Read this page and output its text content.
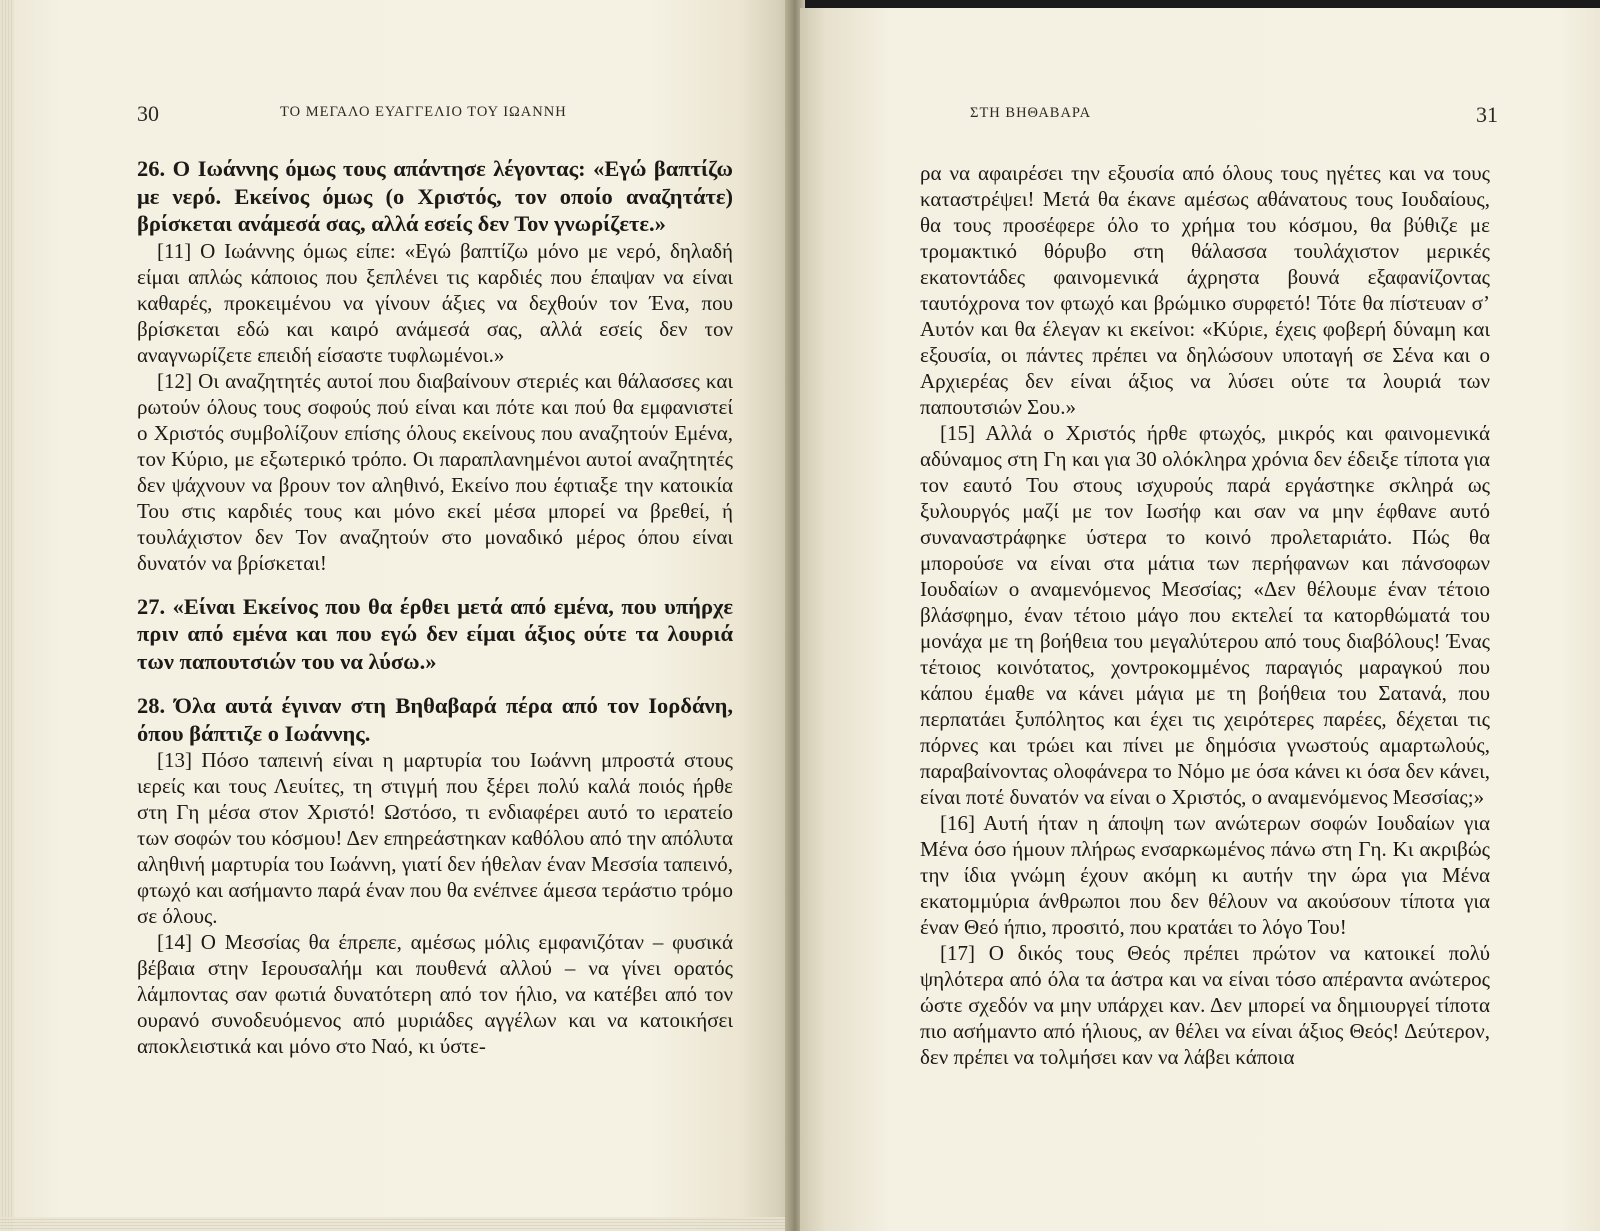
30	ΤΟ ΜΕΓΑΛΟ ΕΥΑΓΓΕΛΙΟ ΤΟΥ ΙΩΑΝΝΗ

26. Ο Ιωάννης όμως τους απάντησε λέγοντας: «Εγώ βαπτίζω με νερό. Εκείνος όμως (ο Χριστός, τον οποίο αναζητάτε) βρίσκεται ανάμεσά σας, αλλά εσείς δεν Τον γνωρίζετε.»

[11] Ο Ιωάννης όμως είπε: «Εγώ βαπτίζω μόνο με νερό, δηλαδή είμαι απλώς κάποιος που ξεπλένει τις καρδιές που έπαψαν να είναι καθαρές, προκειμένου να γίνουν άξιες να δεχθούν τον Ένα, που βρίσκεται εδώ και καιρό ανάμεσά σας, αλλά εσείς δεν τον αναγνωρίζετε επειδή είσαστε τυφλωμένοι.»

[12] Οι αναζητητές αυτοί που διαβαίνουν στεριές και θάλασσες και ρωτούν όλους τους σοφούς πού είναι και πότε και πού θα εμφανιστεί ο Χριστός συμβολίζουν επίσης όλους εκείνους που αναζητούν Εμένα, τον Κύριο, με εξωτερικό τρόπο. Οι παραπλανημένοι αυτοί αναζητητές δεν ψάχνουν να βρουν τον αληθινό, Εκείνο που έφτιαξε την κατοικία Του στις καρδιές τους και μόνο εκεί μέσα μπορεί να βρεθεί, ή τουλάχιστον δεν Τον αναζητούν στο μοναδικό μέρος όπου είναι δυνατόν να βρίσκεται!

27. «Είναι Εκείνος που θα έρθει μετά από εμένα, που υπήρχε πριν από εμένα και που εγώ δεν είμαι άξιος ούτε τα λουριά των παπουτσιών του να λύσω.»

28. Όλα αυτά έγιναν στη Βηθαβαρά πέρα από τον Ιορδάνη, όπου βάπτιζε ο Ιωάννης.

[13] Πόσο ταπεινή είναι η μαρτυρία του Ιωάννη μπροστά στους ιερείς και τους Λευίτες, τη στιγμή που ξέρει πολύ καλά ποιός ήρθε στη Γη μέσα στον Χριστό! Ωστόσο, τι ενδιαφέρει αυτό το ιερατείο των σοφών του κόσμου! Δεν επηρεάστηκαν καθόλου από την απόλυτα αληθινή μαρτυρία του Ιωάννη, γιατί δεν ήθελαν έναν Μεσσία ταπεινό, φτωχό και ασήμαντο παρά έναν που θα ενέπνεε άμεσα τεράστιο τρόμο σε όλους.

[14] Ο Μεσσίας θα έπρεπε, αμέσως μόλις εμφανιζόταν – φυσικά βέβαια στην Ιερουσαλήμ και πουθενά αλλού – να γίνει ορατός λάμποντας σαν φωτιά δυνατότερη από τον ήλιο, να κατέβει από τον ουρανό συνοδευόμενος από μυριάδες αγγέλων και να κατοικήσει αποκλειστικά και μόνο στο Ναό, κι ύστε-

ΣΤΗ ΒΗΘΑΒΑΡΑ	31

ρα να αφαιρέσει την εξουσία από όλους τους ηγέτες και να τους καταστρέψει! Μετά θα έκανε αμέσως αθάνατους τους Ιουδαίους, θα τους προσέφερε όλο το χρήμα του κόσμου, θα βύθιζε με τρομακτικό θόρυβο στη θάλασσα τουλάχιστον μερικές εκατοντάδες φαινομενικά άχρηστα βουνά εξαφανίζοντας ταυτόχρονα τον φτωχό και βρώμικο συρφετό! Τότε θα πίστευαν σ’ Αυτόν και θα έλεγαν κι εκείνοι: «Κύριε, έχεις φοβερή δύναμη και εξουσία, οι πάντες πρέπει να δηλώσουν υποταγή σε Σένα και ο Αρχιερέας δεν είναι άξιος να λύσει ούτε τα λουριά των παπουτσιών Σου.»

[15] Αλλά ο Χριστός ήρθε φτωχός, μικρός και φαινομενικά αδύναμος στη Γη και για 30 ολόκληρα χρόνια δεν έδειξε τίποτα για τον εαυτό Του στους ισχυρούς παρά εργάστηκε σκληρά ως ξυλουργός μαζί με τον Ιωσήφ και σαν να μην έφθανε αυτό συναναστράφηκε ύστερα το κοινό προλεταριάτο. Πώς θα μπορούσε να είναι στα μάτια των περήφανων και πάνσοφων Ιουδαίων ο αναμενόμενος Μεσσίας; «Δεν θέλουμε έναν τέτοιο βλάσφημο, έναν τέτοιο μάγο που εκτελεί τα κατορθώματά του μονάχα με τη βοήθεια του μεγαλύτερου από τους διαβόλους! Ένας τέτοιος κοινότατος, χοντροκομμένος παραγιός μαραγκού που κάπου έμαθε να κάνει μάγια με τη βοήθεια του Σατανά, που περπατάει ξυπόλητος και έχει τις χειρότερες παρέες, δέχεται τις πόρνες και τρώει και πίνει με δημόσια γνωστούς αμαρτωλούς, παραβαίνοντας ολοφάνερα το Νόμο με όσα κάνει κι όσα δεν κάνει, είναι ποτέ δυνατόν να είναι ο Χριστός, ο αναμενόμενος Μεσσίας;»

[16] Αυτή ήταν η άποψη των ανώτερων σοφών Ιουδαίων για Μένα όσο ήμουν πλήρως ενσαρκωμένος πάνω στη Γη. Κι ακριβώς την ίδια γνώμη έχουν ακόμη κι αυτήν την ώρα για Μένα εκατομμύρια άνθρωποι που δεν θέλουν να ακούσουν τίποτα για έναν Θεό ήπιο, προσιτό, που κρατάει το λόγο Του!

[17] Ο δικός τους Θεός πρέπει πρώτον να κατοικεί πολύ ψηλότερα από όλα τα άστρα και να είναι τόσο απέραντα ανώτερος ώστε σχεδόν να μην υπάρχει καν. Δεν μπορεί να δημιουργεί τίποτα πιο ασήμαντο από ήλιους, αν θέλει να είναι άξιος Θεός! Δεύτερον, δεν πρέπει να τολμήσει καν να λάβει κάποια
